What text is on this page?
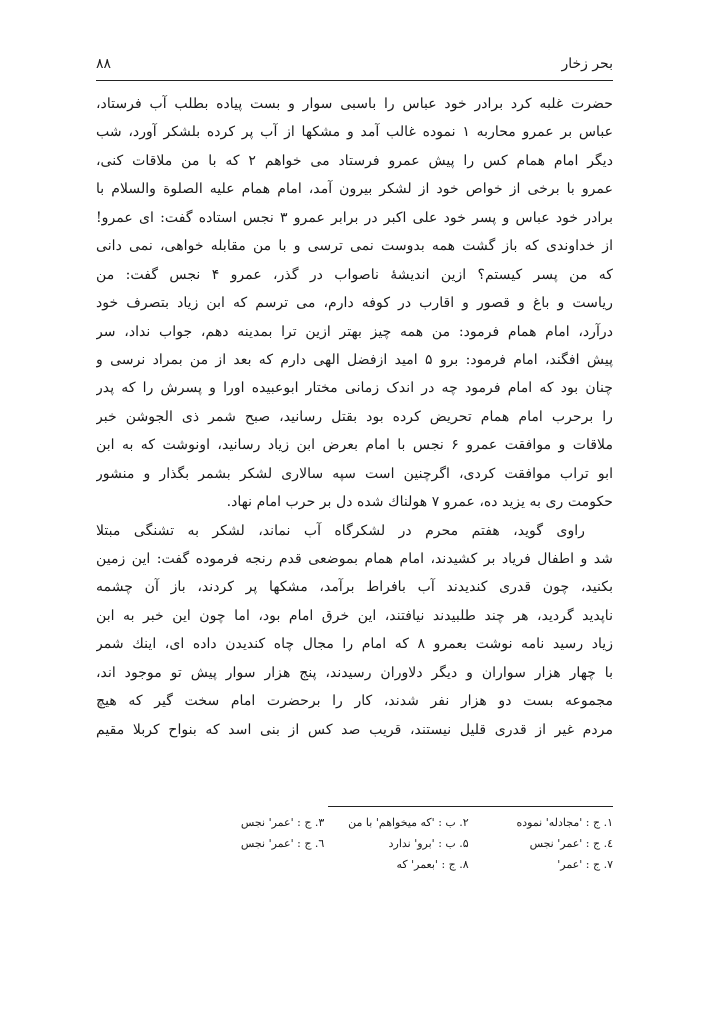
بحر زخار
۸۸
حضرت غلبه کرد برادر خود عباس را باسبی سوار و بست پیاده بطلب آب فرستاد،
عباس بر عمرو محاربه ۱ نموده غالب آمد و مشکها از آب پر کرده بلشکر آورد، شب
دیگر امام همام کس را پیش عمرو فرستاد می خواهم ۲ که با من ملاقات کنی،
عمرو با برخی از خواص خود از لشکر بیرون آمد، امام همام علیه الصلوة والسلام با
برادر خود عباس و پسر خود علی اکبر در برابر عمرو ۳ نجس استاده گفت: ای عمرو!
از خداوندی که باز گشت همه بدوست نمی ترسی و با من مقابله خواهی، نمی دانی
که من پسر کیستم؟ ازین اندیشهٔ ناصواب در گذر، عمرو ۴ نجس گفت: من
ریاست و باغ و قصور و اقارب در کوفه دارم، می ترسم که ابن زیاد بتصرف خود
درآرد، امام همام فرمود: من همه چیز بهتر ازین ترا بمدینه دهم، جواب نداد، سر
پیش افگند، امام فرمود: برو ۵ امید ازفضل الهی دارم که بعد از من بمراد نرسی و
چنان بود که امام فرمود چه در اندک زمانی مختار ابوعبیده اورا و پسرش را که پدر
را برحرب امام همام تحریض کرده بود بقتل رسانید، صبح شمر ذی الجوشن خبر
ملاقات و موافقت عمرو ۶ نجس با امام بعرض ابن زیاد رسانید، اونوشت که به ابن
ابو تراب موافقت کردی، اگرچنین است سپه سالاری لشکر بشمر بگذار و منشور
حکومت ری به یزید ده، عمرو ۷ هولناك شده دل بر حرب امام نهاد.
راوی گوید، هفتم محرم در لشکرگاه آب نماند، لشکر به تشنگی مبتلا
شد و اطفال فریاد بر کشیدند، امام همام بموضعی قدم رنجه فرموده گفت: این زمین
بکنید، چون قدری کندیدند آب بافراط برآمد، مشکها پر کردند، باز آن چشمه
ناپدید گردید، هر چند طلبیدند نیافتند، این خرق امام بود، اما چون این خبر به ابن
زیاد رسید نامه نوشت بعمرو ۸ که امام را مجال چاه کندیدن داده ای، اینك شمر
با چهار هزار سواران و دیگر دلاوران رسیدند، پنج هزار سوار پیش تو موجود اند،
مجموعه بست دو هزار نفر شدند، کار را برحضرت امام سخت گیر که هیچ
مردم غیر از قدری قلیل نیستند، قریب صد کس از بنی اسد که بنواح کربلا مقیم
۱. ج : 'مجادله' نموده
۲. ب : 'که میخواهم' با من
۳. ج : 'عمر' نجس
٤. ج : 'عمر' نجس
۵. ب : 'برو' ندارد
٦. ج : 'عمر' نجس
۷. ج : 'عمر'
۸. ج : 'بعمر' که
